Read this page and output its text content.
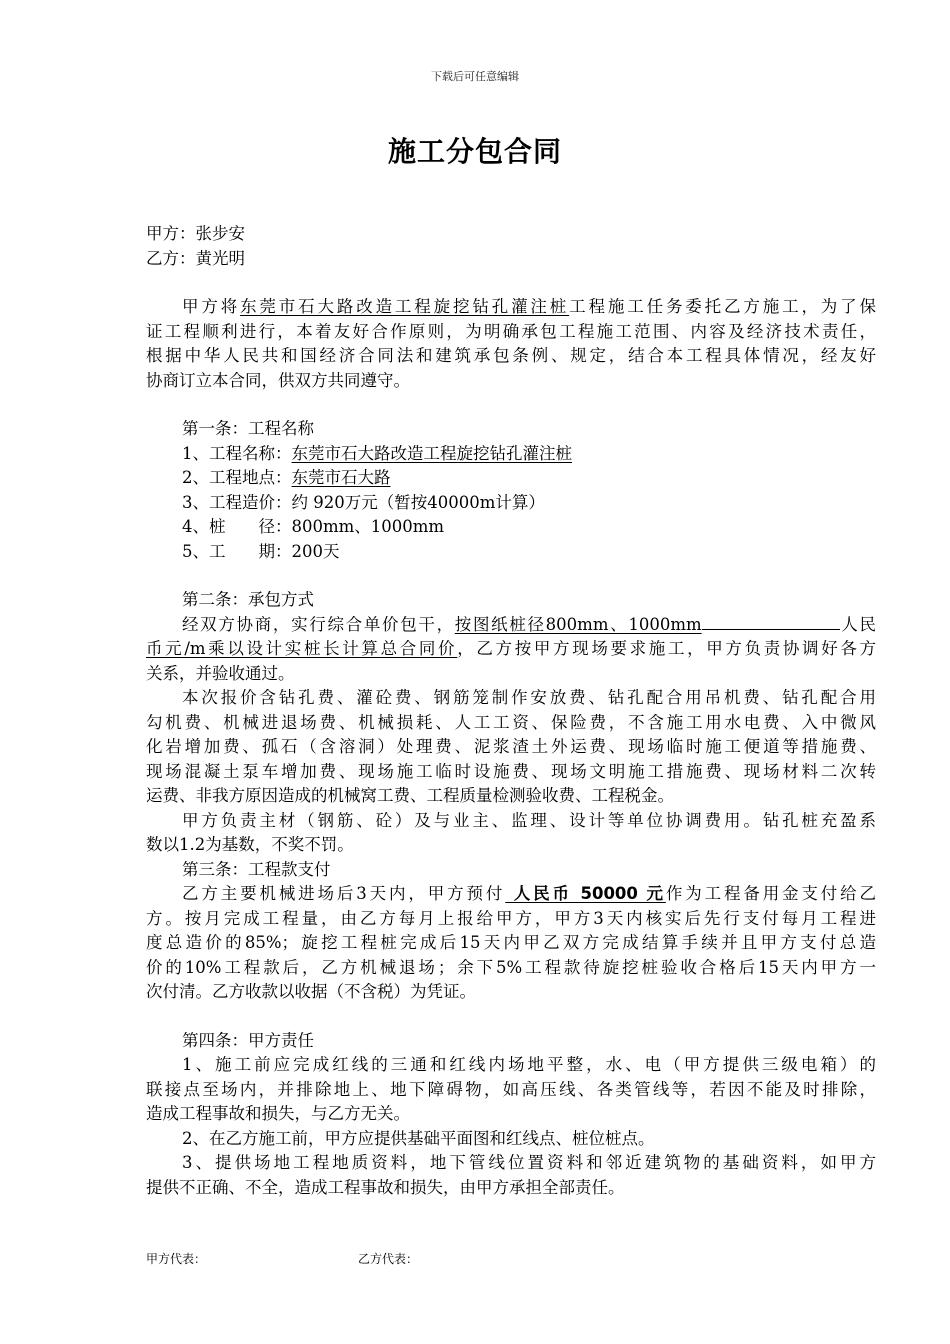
下载后可任意编辑
施工分包合同
甲方：张步安
乙方：黄光明
甲方将东莞市石大路改造工程旋挖钻孔灌注桩工程施工任务委托乙方施工，为了保
证工程顺利进行，本着友好合作原则，为明确承包工程施工范围、内容及经济技术责任，
根据中华人民共和国经济合同法和建筑承包条例、规定，结合本工程具体情况，经友好
协商订立本合同，供双方共同遵守。
第一条：工程名称
1、工程名称：东莞市石大路改造工程旋挖钻孔灌注桩
2、工程地点：东莞市石大路
3、工程造价：约 920万元（暂按40000m计算）
4、桩　　径：800mm、1000mm
5、工　　期：200天
第二条：承包方式
经双方协商，实行综合单价包干，按图纸桩径800mm、1000mm	人民
币元/m乘以设计实桩长计算总合同价，乙方按甲方现场要求施工，甲方负责协调好各方
关系，并验收通过。
本次报价含钻孔费、灌砼费、钢筋笼制作安放费、钻孔配合用吊机费、钻孔配合用
勾机费、机械进退场费、机械损耗、人工工资、保险费，不含施工用水电费、入中微风
化岩增加费、孤石（含溶洞）处理费、泥浆渣土外运费、现场临时施工便道等措施费、
现场混凝土泵车增加费、现场施工临时设施费、现场文明施工措施费、现场材料二次转
运费、非我方原因造成的机械窝工费、工程质量检测验收费、工程税金。
甲方负责主材（钢筋、砼）及与业主、监理、设计等单位协调费用。钻孔桩充盈系
数以1.2为基数，不奖不罚。
第三条：工程款支付
乙方主要机械进场后3天内，甲方预付 人民币 50000 元作为工程备用金支付给乙
方。按月完成工程量，由乙方每月上报给甲方，甲方3天内核实后先行支付每月工程进
度总造价的85%；旋挖工程桩完成后15天内甲乙双方完成结算手续并且甲方支付总造
价的10%工程款后，乙方机械退场；余下5%工程款待旋挖桩验收合格后15天内甲方一
次付清。乙方收款以收据（不含税）为凭证。
第四条：甲方责任
1、施工前应完成红线的三通和红线内场地平整，水、电（甲方提供三级电箱）的
联接点至场内，并排除地上、地下障碍物，如高压线、各类管线等，若因不能及时排除，
造成工程事故和损失，与乙方无关。
2、在乙方施工前，甲方应提供基础平面图和红线点、桩位桩点。
3、提供场地工程地质资料，地下管线位置资料和邻近建筑物的基础资料，如甲方
提供不正确、不全，造成工程事故和损失，由甲方承担全部责任。
甲方代表：	乙方代表：
